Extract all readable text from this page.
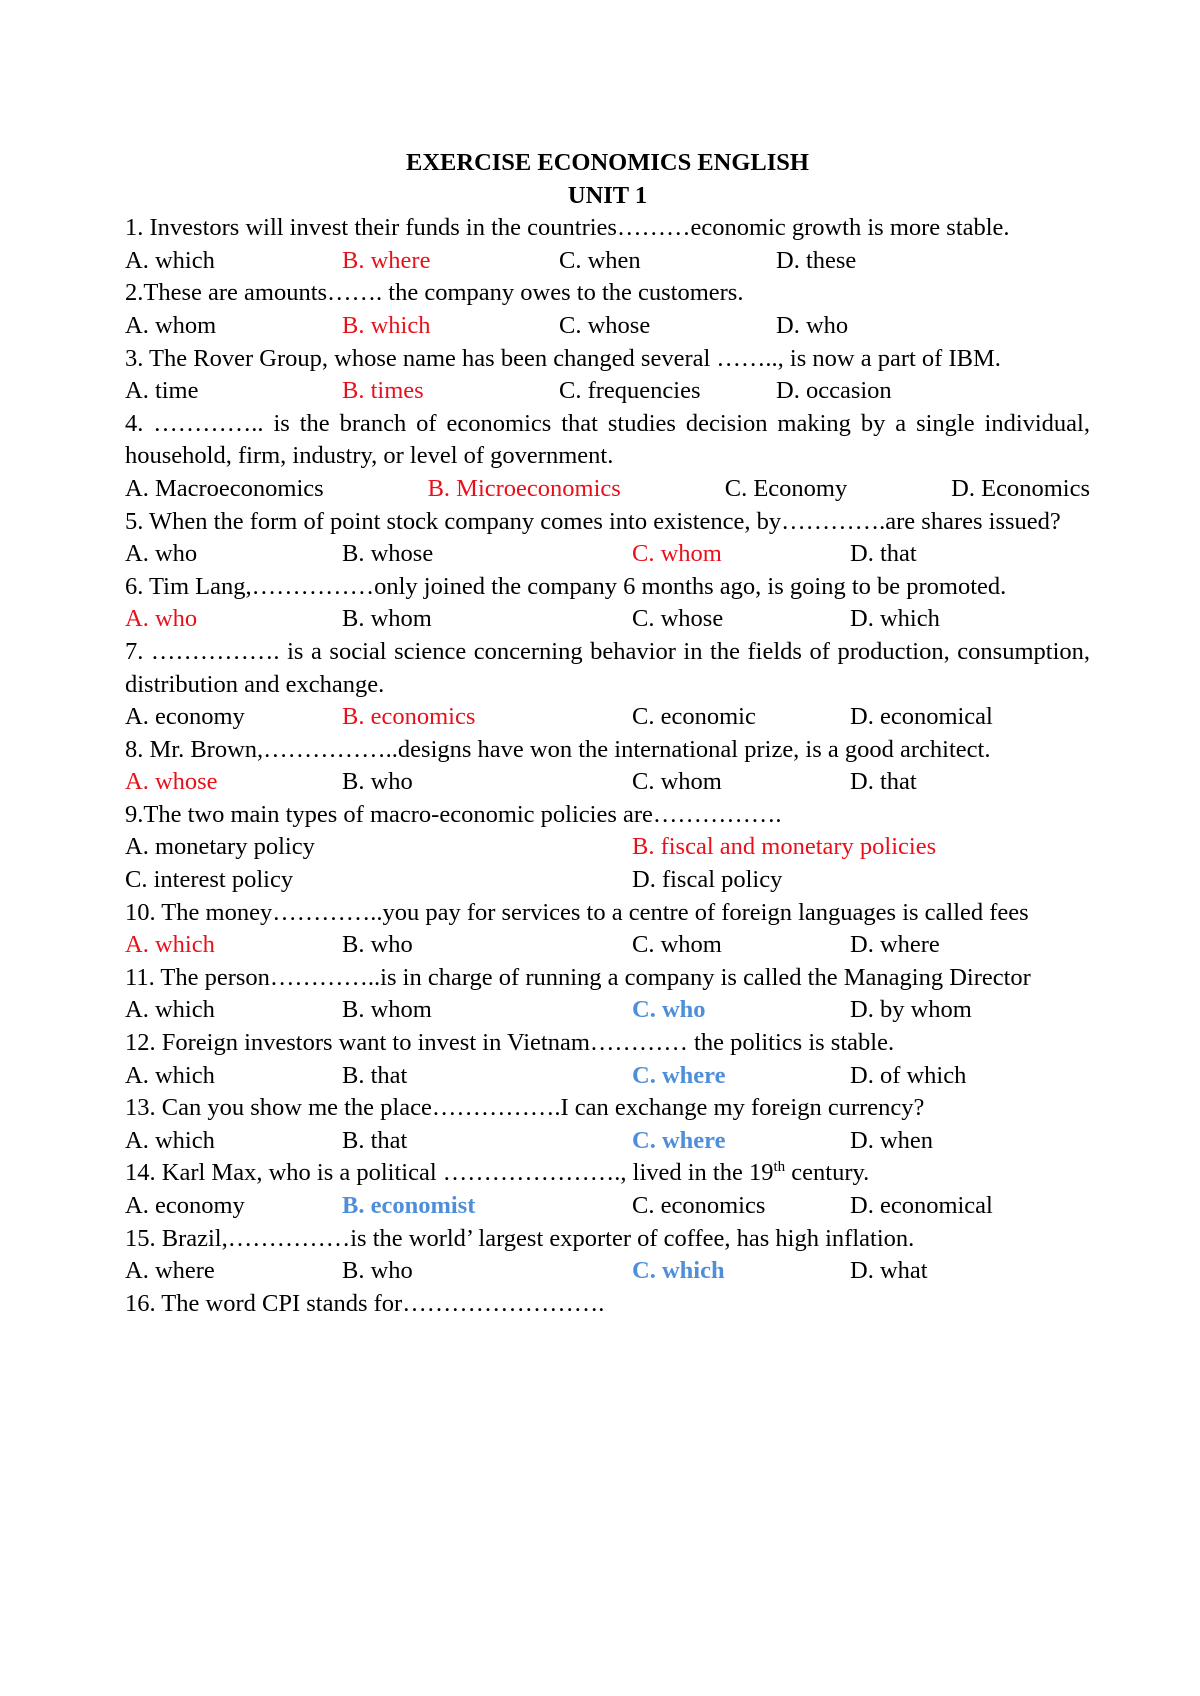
EXERCISE ECONOMICS ENGLISH
UNIT 1
1. Investors will invest their funds in the countries………economic growth is more stable.
A. which	B. where	C. when	D. these
2.These are amounts……. the company owes to the customers.
A. whom	B. which	C. whose	D. who
3. The Rover Group, whose name has been changed several …….., is now a part of IBM.
A. time	B. times	C. frequencies	D. occasion
4. ………….. is the branch of economics that studies decision making by a single individual, household, firm, industry, or level of government.
A. Macroeconomics	B. Microeconomics	C. Economy	D. Economics
5. When the form of point stock company comes into existence, by………….are shares issued?
A. who	B. whose	C. whom	D. that
6. Tim Lang,……………only joined the company 6 months ago, is going to be promoted.
A. who	B. whom	C. whose	D. which
7. ……………. is a social science concerning behavior in the fields of production, consumption, distribution and exchange.
A. economy	B. economics	C. economic	D. economical
8. Mr. Brown,……………..designs have won the international prize, is a good architect.
A. whose	B. who	C. whom	D. that
9.The two main types of macro-economic policies are…………….
A. monetary policy	B. fiscal and monetary policies
C. interest policy	D. fiscal policy
10. The money…………..you pay for services to a centre of foreign languages is called fees
A. which	B. who	C. whom	D. where
11. The person…………..is in charge of running a company is called the Managing Director
A. which	B. whom	C. who	D. by whom
12. Foreign investors want to invest in Vietnam………… the politics is stable.
A. which	B. that	C. where	D. of which
13. Can you show me the place…………….I can exchange my foreign currency?
A. which	B. that	C. where	D. when
14. Karl Max, who is a political …………………., lived in the 19th century.
A. economy	B. economist	C. economics	D. economical
15. Brazil,……………is the world’ largest exporter of coffee, has high inflation.
A. where	B. who	C. which	D. what
16. The word CPI stands for…………………….
